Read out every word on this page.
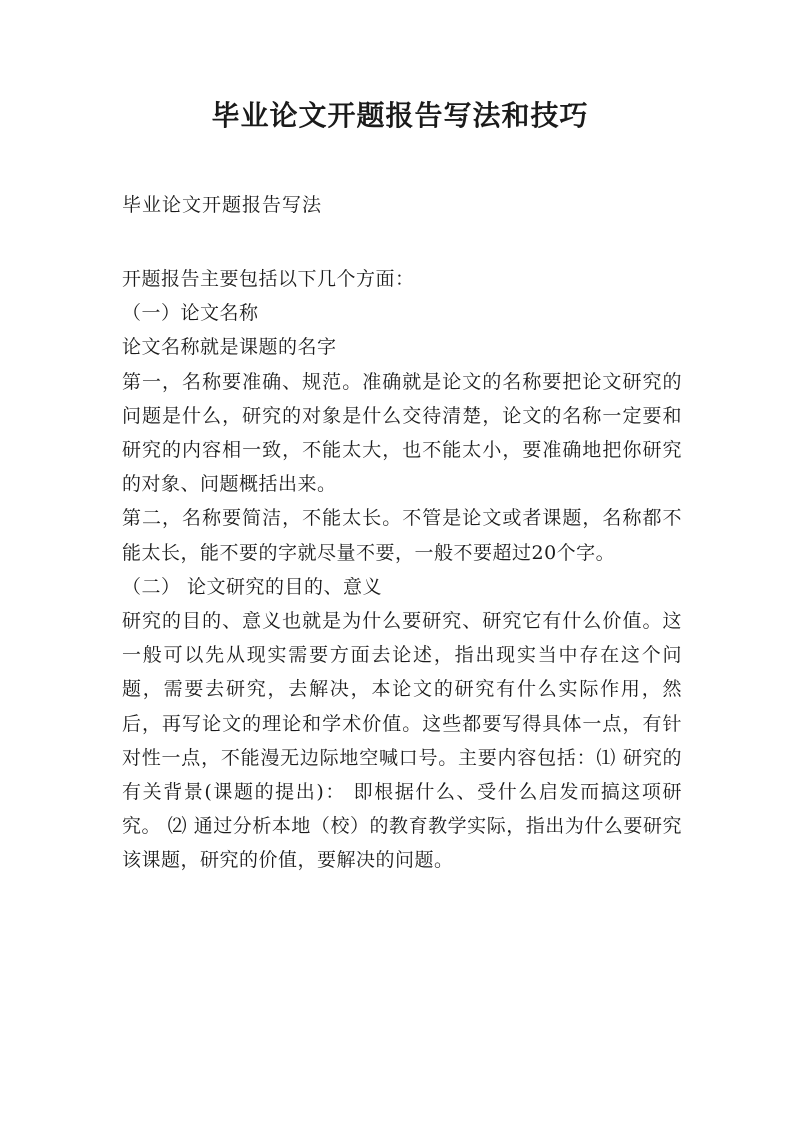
毕业论文开题报告写法和技巧
毕业论文开题报告写法

开题报告主要包括以下几个方面：

（一）论文名称

论文名称就是课题的名字

第一，名称要准确、规范。准确就是论文的名称要把论文研究的问题是什么，研究的对象是什么交待清楚，论文的名称一定要和研究的内容相一致，不能太大，也不能太小，要准确地把你研究的对象、问题概括出来。

第二，名称要简洁，不能太长。不管是论文或者课题，名称都不能太长，能不要的字就尽量不要，一般不要超过20个字。

（二） 论文研究的目的、意义

研究的目的、意义也就是为什么要研究、研究它有什么价值。这一般可以先从现实需要方面去论述，指出现实当中存在这个问题，需要去研究，去解决，本论文的研究有什么实际作用，然后，再写论文的理论和学术价值。这些都要写得具体一点，有针对性一点，不能漫无边际地空喊口号。主要内容包括：⑴ 研究的有关背景(课题的提出)： 即根据什么、受什么启发而搞这项研究。 ⑵ 通过分析本地（校）的教育教学实际，指出为什么要研究该课题，研究的价值，要解决的问题。
